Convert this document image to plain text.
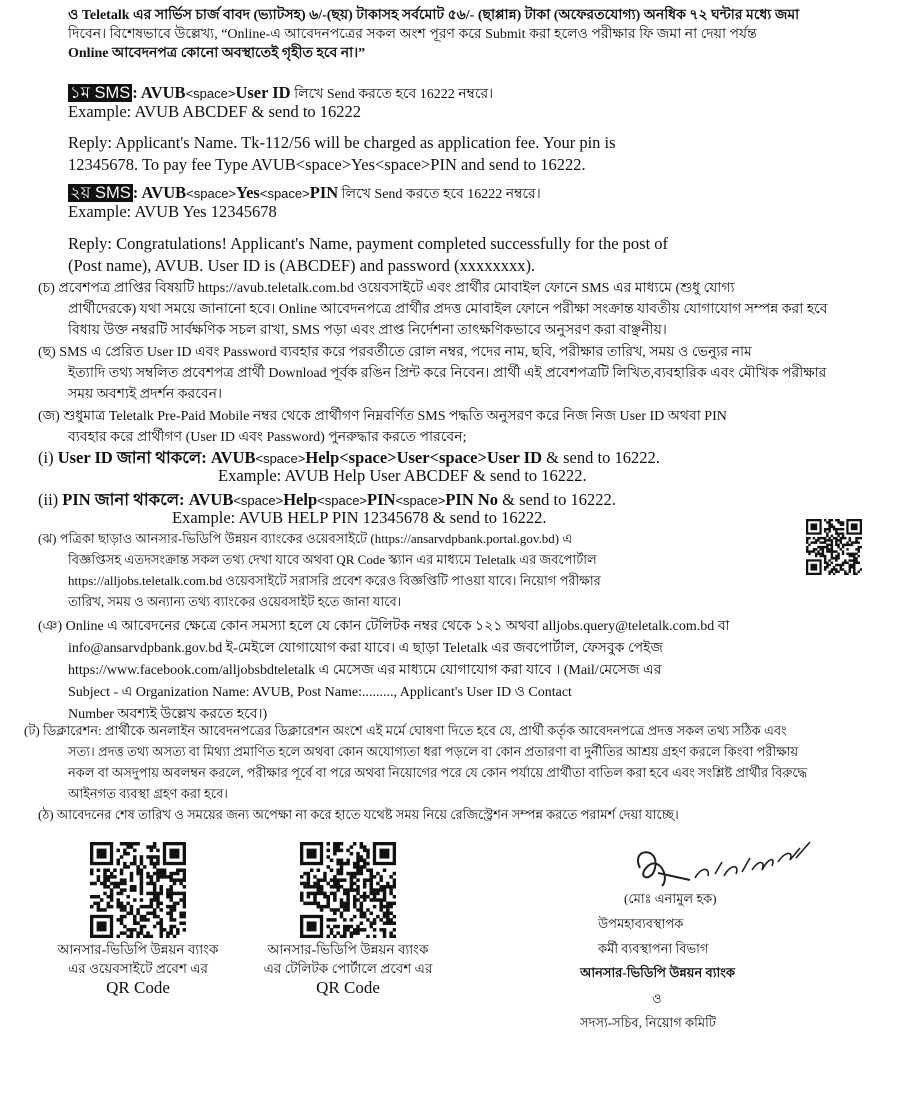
ও Teletalk এর সার্ভিস চার্জ বাবদ (ভ্যাটসহ) ৬/-(ছয়) টাকাসহ সর্বমোট ৫৬/- (ছাপ্পান্ন) টাকা (অফেরতযোগ্য) অনধিক ৭২ ঘন্টার মধ্যে জমা
দিবেন। বিশেষভাবে উল্লেখ্য, “Online-এ আবেদনপত্রের সকল অংশ পূরণ করে Submit করা হলেও পরীক্ষার ফি জমা না দেয়া পর্যন্ত
Online আবেদনপত্র কোনো অবস্থাতেই গৃহীত হবে না।”
১ম SMS : AVUB<space>User ID লিখে Send করতে হবে 16222 নম্বরে।
Example: AVUB ABCDEF & send to 16222
Reply: Applicant's Name. Tk-112/56 will be charged as application fee. Your pin is
12345678. To pay fee Type AVUB<space>Yes<space>PIN and send to 16222.
২য় SMS : AVUB<space>Yes<space>PIN লিখে Send করতে হবে 16222 নম্বরে।
Example: AVUB Yes 12345678
Reply: Congratulations! Applicant's Name, payment completed successfully for the post of
(Post name), AVUB. User ID is (ABCDEF) and password (xxxxxxxx).
(চ) প্রবেশপত্র প্রাপ্তির বিষয়টি https://avub.teletalk.com.bd ওয়েবসাইটে এবং প্রার্থীর মোবাইল ফোনে SMS এর মাধ্যমে (শুধু যোগ্য
প্রার্থীদেরকে) যথা সময়ে জানানো হবে। Online আবেদনপত্রে প্রার্থীর প্রদত্ত মোবাইল ফোনে পরীক্ষা সংক্রান্ত যাবতীয় যোগাযোগ সম্পন্ন করা হবে
বিধায় উক্ত নম্বরটি সার্বক্ষণিক সচল রাখা, SMS পড়া এবং প্রাপ্ত নির্দেশনা তাৎক্ষণিকভাবে অনুসরণ করা বাঞ্ছনীয়।
(ছ) SMS এ প্রেরিত User ID এবং Password ব্যবহার করে পরবর্তীতে রোল নম্বর, পদের নাম, ছবি, পরীক্ষার তারিখ, সময় ও ভেন্যুর নাম
ইত্যাদি তথ্য সম্বলিত প্রবেশপত্র প্রার্থী Download পূর্বক রঙিন প্রিন্ট করে নিবেন। প্রার্থী এই প্রবেশপত্রটি লিখিত,ব্যবহারিক এবং মৌখিক পরীক্ষার
সময় অবশ্যই প্রদর্শন করবেন।
(জ) শুধুমাত্র Teletalk Pre-Paid Mobile নম্বর থেকে প্রার্থীগণ নিম্নবর্ণিত SMS পদ্ধতি অনুসরণ করে নিজ নিজ User ID অথবা PIN
ব্যবহার করে প্রার্থীগণ (User ID এবং Password) পুনরুদ্ধার করতে পারবেন;
(i) User ID জানা থাকলে: AVUB<space>Help<space>User<space>User ID & send to 16222.
Example: AVUB Help User ABCDEF & send to 16222.
(ii) PIN জানা থাকলে: AVUB<space>Help<space>PIN<space>PIN No & send to 16222.
Example: AVUB HELP PIN 12345678 & send to 16222.
(ঝ) পত্রিকা ছাড়াও আনসার-ভিডিপি উন্নয়ন ব্যাংকের ওয়েবসাইটে (https://ansarvdpbank.portal.gov.bd) এ
বিজ্ঞপ্তিসহ এতদসংক্রান্ত সকল তথ্য দেখা যাবে অথবা QR Code স্ক্যান এর মাধ্যমে Teletalk এর জবপোর্টাল
https://alljobs.teletalk.com.bd ওয়েবসাইটে সরাসরি প্রবেশ করেও বিজ্ঞপ্তিটি পাওয়া যাবে। নিয়োগ পরীক্ষার
তারিখ, সময় ও অন্যান্য তথ্য ব্যাংকের ওয়েবসাইট হতে জানা যাবে।
(ঞ) Online এ আবেদনের ক্ষেত্রে কোন সমস্যা হলে যে কোন টেলিটক নম্বর থেকে ১২১ অথবা alljobs.query@teletalk.com.bd বা
info@ansarvdpbank.gov.bd ই-মেইলে যোগাযোগ করা যাবে। এ ছাড়া Teletalk এর জবপোর্টাল, ফেসবুক পেইজ
https://www.facebook.com/alljobsbdteletalk এ মেসেজ এর মাধ্যমে যোগাযোগ করা যাবে । (Mail/মেসেজ এর
Subject - এ Organization Name: AVUB, Post Name:........., Applicant's User ID ও Contact
Number অবশ্যই উল্লেখ করতে হবে।)
(ট) ডিক্লারেশন: প্রার্থীকে অনলাইন আবেদনপত্রের ডিক্লারেশন অংশে এই মর্মে ঘোষণা দিতে হবে যে, প্রার্থী কর্তৃক আবেদনপত্রে প্রদত্ত সকল তথ্য সঠিক এবং
সত্য। প্রদত্ত তথ্য অসত্য বা মিথ্যা প্রমাণিত হলে অথবা কোন অযোগ্যতা ধরা পড়লে বা কোন প্রতারণা বা দুর্নীতির আশ্রয় গ্রহণ করলে কিংবা পরীক্ষায়
নকল বা অসদুপায় অবলম্বন করলে, পরীক্ষার পূর্বে বা পরে অথবা নিয়োগের পরে যে কোন পর্যায়ে প্রার্থীতা বাতিল করা হবে এবং সংশ্লিষ্ট প্রার্থীর বিরুদ্ধে
আইনগত ব্যবস্থা গ্রহণ করা হবে।
(ঠ) আবেদনের শেষ তারিখ ও সময়ের জন্য অপেক্ষা না করে হাতে যথেষ্ট সময় নিয়ে রেজিস্ট্রেশন সম্পন্ন করতে পরামর্শ দেয়া যাচ্ছে।
আনসার-ভিডিপি উন্নয়ন ব্যাংক
এর ওয়েবসাইটে প্রবেশ এর
QR Code
আনসার-ভিডিপি উন্নয়ন ব্যাংক
এর টেলিটক পোর্টালে প্রবেশ এর
QR Code
(মোঃ এনামুল হক)
উপমহাব্যবস্থাপক
কর্মী ব্যবস্থাপনা বিভাগ
আনসার-ভিডিপি উন্নয়ন ব্যাংক
ও
সদস্য-সচিব, নিয়োগ কমিটি
